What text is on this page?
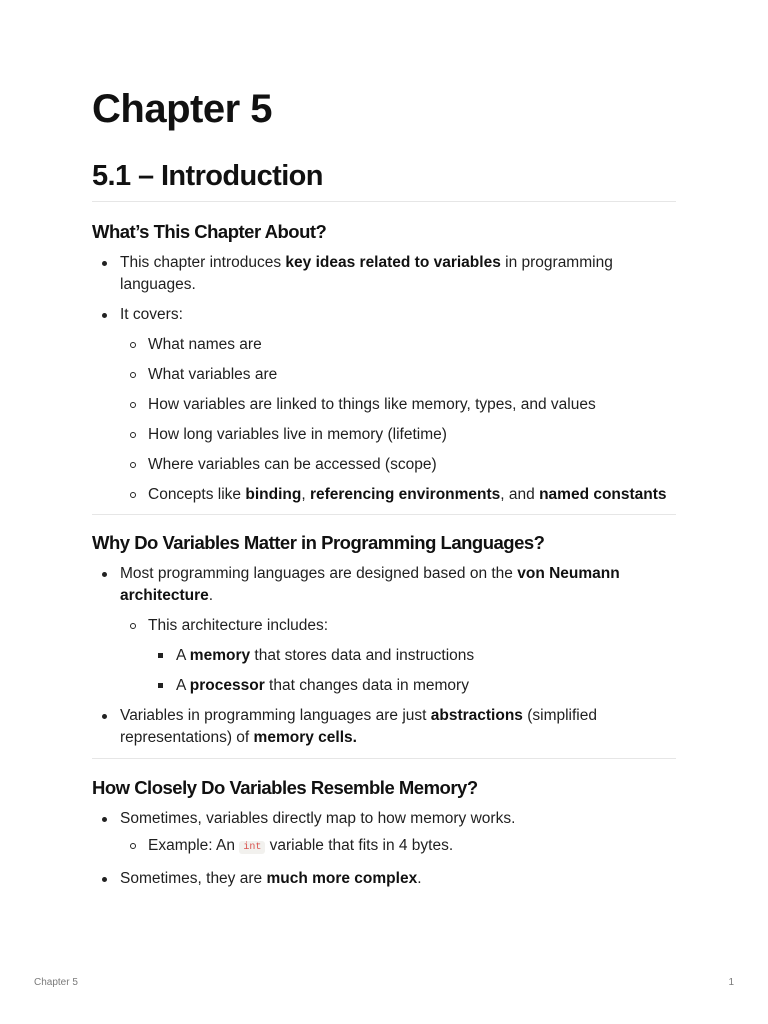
Chapter 5
5.1 – Introduction
What’s This Chapter About?
This chapter introduces key ideas related to variables in programming languages.
It covers:
What names are
What variables are
How variables are linked to things like memory, types, and values
How long variables live in memory (lifetime)
Where variables can be accessed (scope)
Concepts like binding, referencing environments, and named constants
Why Do Variables Matter in Programming Languages?
Most programming languages are designed based on the von Neumann architecture.
This architecture includes:
A memory that stores data and instructions
A processor that changes data in memory
Variables in programming languages are just abstractions (simplified representations) of memory cells.
How Closely Do Variables Resemble Memory?
Sometimes, variables directly map to how memory works.
Example: An int variable that fits in 4 bytes.
Sometimes, they are much more complex.
Chapter 5	1
